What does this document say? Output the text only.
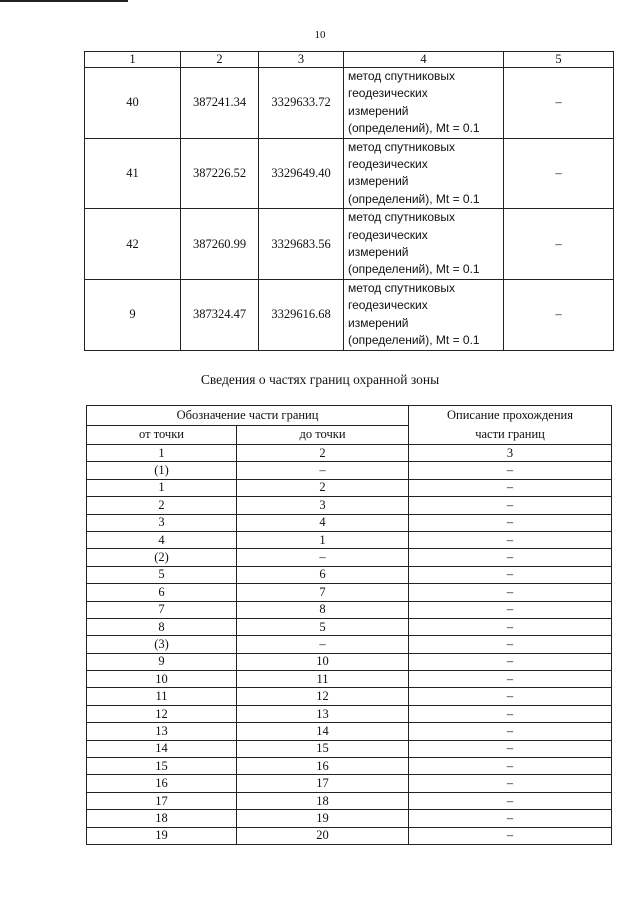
10
1	2	3	4	5
40	387241.34	3329633.72	метод спутниковых
геодезических
измерений
(определений), Mt = 0.1	–
41	387226.52	3329649.40	метод спутниковых
геодезических
измерений
(определений), Mt = 0.1	–
42	387260.99	3329683.56	метод спутниковых
геодезических
измерений
(определений), Mt = 0.1	–
9	387324.47	3329616.68	метод спутниковых
геодезических
измерений
(определений), Mt = 0.1	–
Сведения о частях границ охранной зоны
Обозначение части границ		Описание прохождения
части границ

от точки	до точки	
1	2	3
(1)	–	–
1	2	–
2	3	–
3	4	–
4	1	–
(2)	–	–
5	6	–
6	7	–
7	8	–
8	5	–
(3)	–	–
9	10	–
10	11	–
11	12	–
12	13	–
13	14	–
14	15	–
15	16	–
16	17	–
17	18	–
18	19	–
19	20	–
